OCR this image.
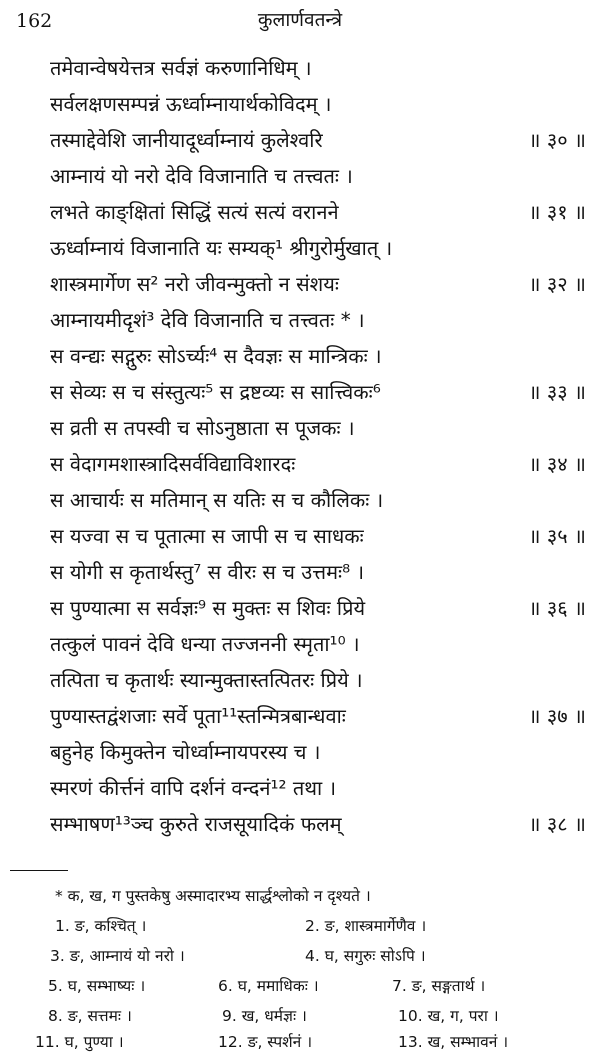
162	कुलार्णवतन्त्रे
तमेवान्वेषयेत्तत्र सर्वज्ञं करुणानिधिम् ।
सर्वलक्षणसम्पन्नं ऊर्ध्वाम्नायार्थकोविदम् ।
तस्माद्देवेशि जानीयादूर्ध्वाम्नायं कुलेश्वरि	॥ ३० ॥
आम्नायं यो नरो देवि विजानाति च तत्त्वतः ।
लभते काङ्क्षितां सिद्धिं सत्यं सत्यं वरानने	॥ ३१ ॥
ऊर्ध्वाम्नायं विजानाति यः सम्यक्¹ श्रीगुरोर्मुखात् ।
शास्त्रमार्गेण स² नरो जीवन्मुक्तो न संशयः	॥ ३२ ॥
आम्नायमीदृशं³ देवि विजानाति च तत्त्वतः * ।
स वन्द्यः सद्गुरुः सोऽर्च्यः⁴ स दैवज्ञः स मान्त्रिकः ।
स सेव्यः स च संस्तुत्यः⁵ स द्रष्टव्यः स सात्त्विकः⁶	॥ ३३ ॥
स व्रती स तपस्वी च सोऽनुष्ठाता स पूजकः ।
स वेदागमशास्त्रादिसर्वविद्याविशारदः	॥ ३४ ॥
स आचार्यः स मतिमान् स यतिः स च कौलिकः ।
स यज्वा स च पूतात्मा स जापी स च साधकः	॥ ३५ ॥
स योगी स कृतार्थस्तु⁷ स वीरः स च उत्तमः⁸ ।
स पुण्यात्मा स सर्वज्ञः⁹ स मुक्तः स शिवः प्रिये	॥ ३६ ॥
तत्कुलं पावनं देवि धन्या तज्जननी स्मृता¹⁰ ।
तत्पिता च कृतार्थः स्यान्मुक्तास्तत्पितरः प्रिये ।
पुण्यास्तद्वंशजाः सर्वे पूता¹¹स्तन्मित्रबान्धवाः	॥ ३७ ॥
बहुनेह किमुक्तेन चोर्ध्वाम्नायपरस्य च ।
स्मरणं कीर्त्तनं वापि दर्शनं वन्दनं¹² तथा ।
सम्भाषण¹³ञ्च कुरुते राजसूयादिकं फलम्	॥ ३८ ॥
* क, ख, ग पुस्तकेषु अस्मादारभ्य सार्द्धश्लोको न दृश्यते ।
1. ङ, कश्चित् ।	2. ङ, शास्त्रमार्गेणैव ।
3. ङ, आम्नायं यो नरो ।	4. घ, सगुरुः सोऽपि ।
5. घ, सम्भाष्यः ।	6. घ, ममाधिकः ।	7. ङ, सङ्गतार्थ ।
8. ङ, सत्तमः ।	9. ख, धर्मज्ञः ।	10. ख, ग, परा ।
11. घ, पुण्या ।	12. ङ, स्पर्शनं ।	13. ख, सम्भावनं ।
